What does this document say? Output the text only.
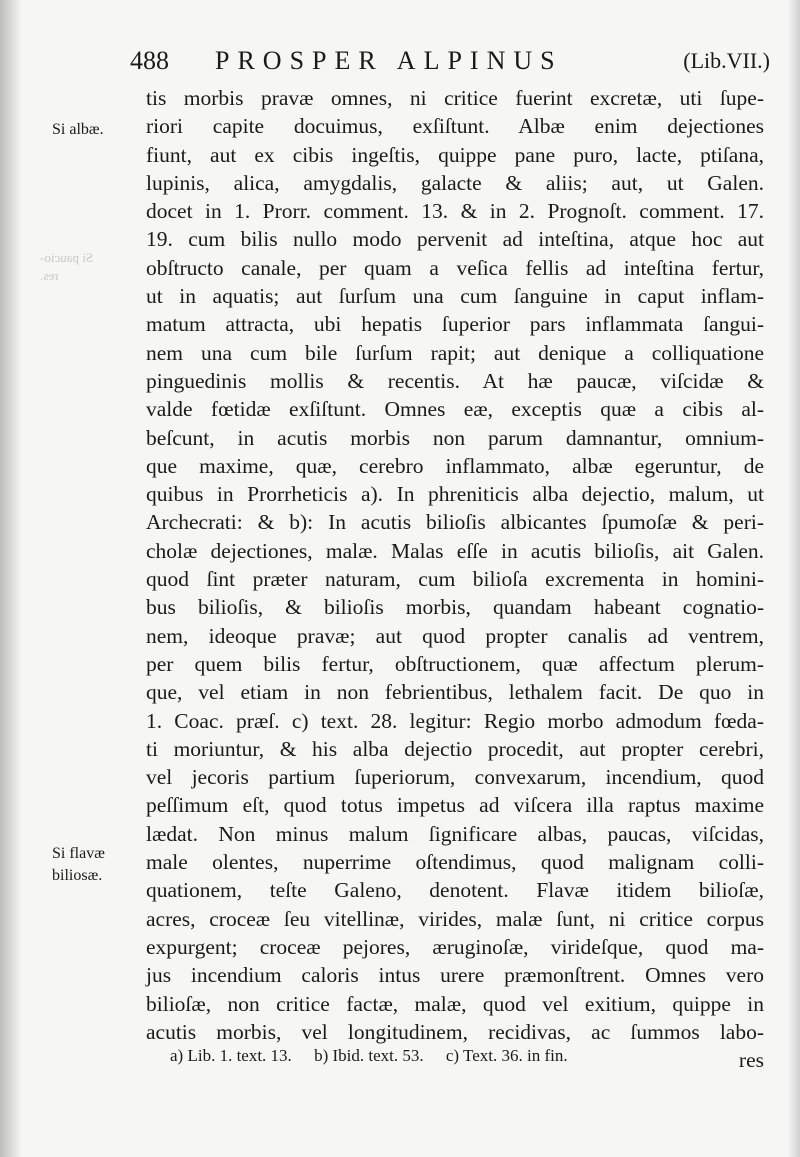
488 PROSPER ALPINUS	(Lib.VII.)
Si albæ.
Si flavæ
biliosæ.
Si paucio-
res.
tis morbis pravæ omnes, ni critice fuerint excretæ, uti ſupe-
riori capite docuimus, exſiſtunt. Albæ enim dejectiones
fiunt, aut ex cibis ingeſtis, quippe pane puro, lacte, ptiſana,
lupinis, alica, amygdalis, galacte & aliis; aut, ut Galen.
docet in 1. Prorr. comment. 13. & in 2. Prognoſt. comment. 17.
19. cum bilis nullo modo pervenit ad inteſtina, atque hoc aut
obſtructo canale, per quam a veſica fellis ad inteſtina fertur,
ut in aquatis; aut ſurſum una cum ſanguine in caput inflam-
matum attracta, ubi hepatis ſuperior pars inflammata ſangui-
nem una cum bile ſurſum rapit; aut denique a colliquatione
pinguedinis mollis & recentis. At hæ paucæ, viſcidæ &
valde fœtidæ exſiſtunt. Omnes eæ, exceptis quæ a cibis al-
beſcunt, in acutis morbis non parum damnantur, omnium-
que maxime, quæ, cerebro inflammato, albæ egeruntur, de
quibus in Prorrheticis a). In phreniticis alba dejectio, malum, ut
Archecrati: & b): In acutis bilioſis albicantes ſpumoſæ & peri-
cholæ dejectiones, malæ. Malas eſſe in acutis bilioſis, ait Galen.
quod ſint præter naturam, cum bilioſa excrementa in homini-
bus bilioſis, & bilioſis morbis, quandam habeant cognatio-
nem, ideoque pravæ; aut quod propter canalis ad ventrem,
per quem bilis fertur, obſtructionem, quæ affectum plerum-
que, vel etiam in non febrientibus, lethalem facit. De quo in
1. Coac. præſ. c) text. 28. legitur: Regio morbo admodum fœda-
ti moriuntur, & his alba dejectio procedit, aut propter cerebri,
vel jecoris partium ſuperiorum, convexarum, incendium, quod
peſſimum eſt, quod totus impetus ad viſcera illa raptus maxime
lædat. Non minus malum ſignificare albas, paucas, viſcidas,
male olentes, nuperrime oſtendimus, quod malignam colli-
quationem, teſte Galeno, denotent. Flavæ itidem bilioſæ,
acres, croceæ ſeu vitellinæ, virides, malæ ſunt, ni critice corpus
expurgent; croceæ pejores, æruginoſæ, virideſque, quod ma-
jus incendium caloris intus urere præmonſtrent. Omnes vero
bilioſæ, non critice factæ, malæ, quod vel exitium, quippe in
acutis morbis, vel longitudinem, recidivas, ac ſummos labo-
res
a) Lib. 1. text. 13. b) Ibid. text. 53. c) Text. 36. in fin.
